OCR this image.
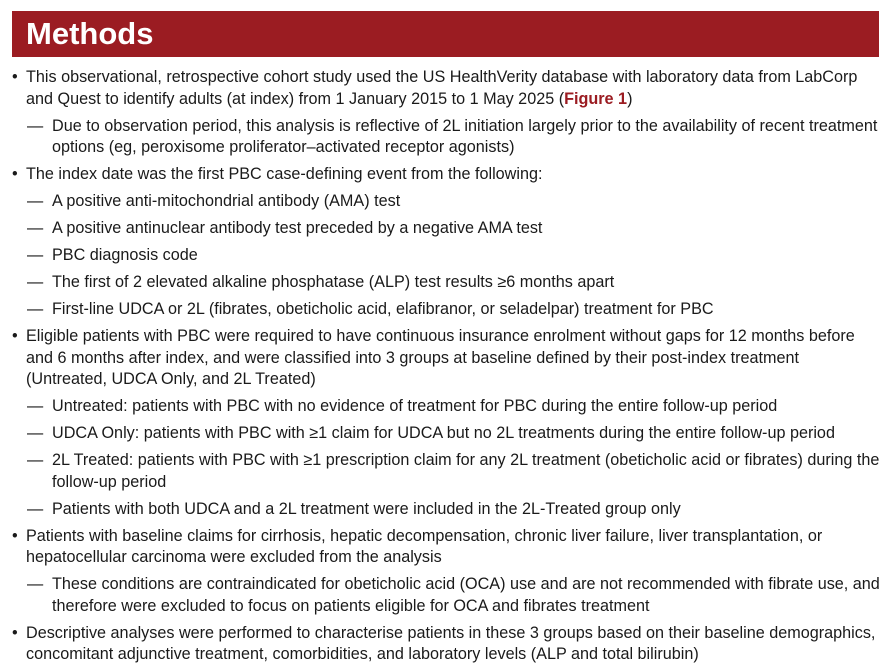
Methods
• This observational, retrospective cohort study used the US HealthVerity database with laboratory data from LabCorp and Quest to identify adults (at index) from 1 January 2015 to 1 May 2025 (Figure 1)
— Due to observation period, this analysis is reflective of 2L initiation largely prior to the availability of recent treatment options (eg, peroxisome proliferator–activated receptor agonists)
• The index date was the first PBC case-defining event from the following:
— A positive anti-mitochondrial antibody (AMA) test
— A positive antinuclear antibody test preceded by a negative AMA test
— PBC diagnosis code
— The first of 2 elevated alkaline phosphatase (ALP) test results ≥6 months apart
— First-line UDCA or 2L (fibrates, obeticholic acid, elafibranor, or seladelpar) treatment for PBC
• Eligible patients with PBC were required to have continuous insurance enrolment without gaps for 12 months before and 6 months after index, and were classified into 3 groups at baseline defined by their post-index treatment (Untreated, UDCA Only, and 2L Treated)
— Untreated: patients with PBC with no evidence of treatment for PBC during the entire follow-up period
— UDCA Only: patients with PBC with ≥1 claim for UDCA but no 2L treatments during the entire follow-up period
— 2L Treated: patients with PBC with ≥1 prescription claim for any 2L treatment (obeticholic acid or fibrates) during the follow-up period
— Patients with both UDCA and a 2L treatment were included in the 2L-Treated group only
• Patients with baseline claims for cirrhosis, hepatic decompensation, chronic liver failure, liver transplantation, or hepatocellular carcinoma were excluded from the analysis
— These conditions are contraindicated for obeticholic acid (OCA) use and are not recommended with fibrate use, and therefore were excluded to focus on patients eligible for OCA and fibrates treatment
• Descriptive analyses were performed to characterise patients in these 3 groups based on their baseline demographics, concomitant adjunctive treatment, comorbidities, and laboratory levels (ALP and total bilirubin)
